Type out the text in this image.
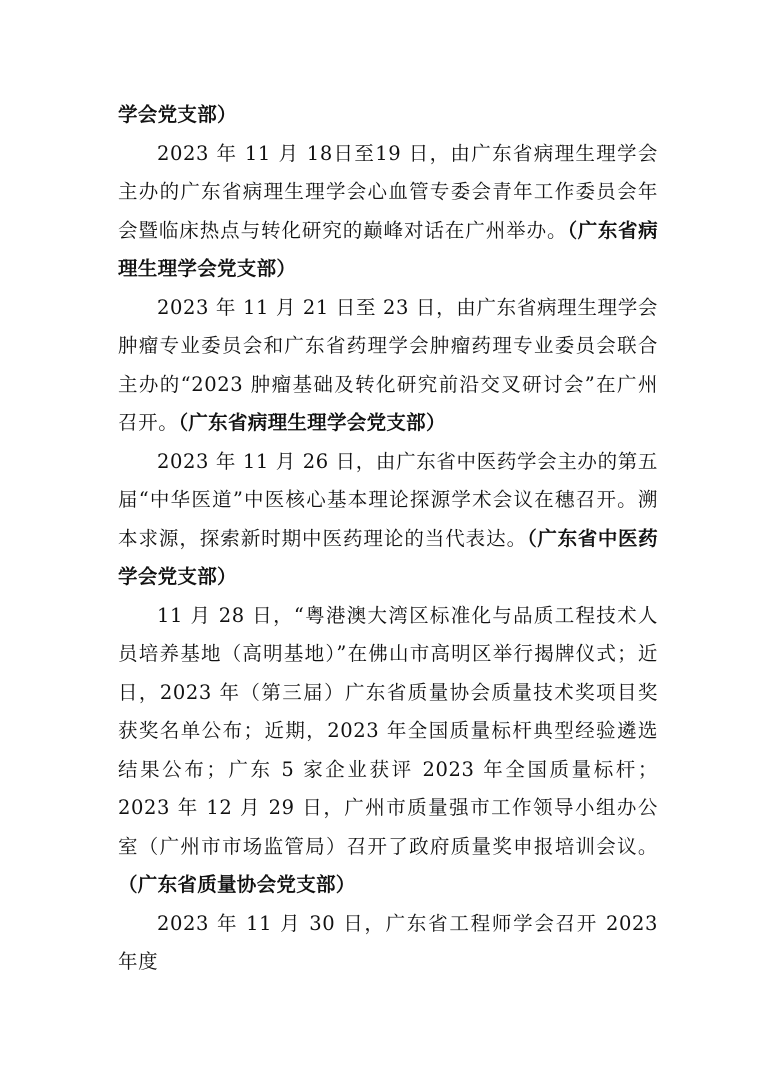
学会党支部）

2023 年 11 月 18日至19 日，由广东省病理生理学会主办的广东省病理生理学会心血管专委会青年工作委员会年会暨临床热点与转化研究的巅峰对话在广州举办。（广东省病理生理学会党支部）

2023 年 11 月 21 日至 23 日，由广东省病理生理学会肿瘤专业委员会和广东省药理学会肿瘤药理专业委员会联合主办的“2023 肿瘤基础及转化研究前沿交叉研讨会”在广州召开。（广东省病理生理学会党支部）

2023 年 11 月 26 日，由广东省中医药学会主办的第五届“中华医道”中医核心基本理论探源学术会议在穗召开。溯本求源，探索新时期中医药理论的当代表达。（广东省中医药学会党支部）

11 月 28 日，“粤港澳大湾区标准化与品质工程技术人员培养基地（高明基地）”在佛山市高明区举行揭牌仪式；近日，2023 年（第三届）广东省质量协会质量技术奖项目奖获奖名单公布；近期，2023 年全国质量标杆典型经验遴选结果公布；广东 5 家企业获评 2023 年全国质量标杆；2023 年 12 月 29 日，广州市质量强市工作领导小组办公室（广州市市场监管局）召开了政府质量奖申报培训会议。（广东省质量协会党支部）

2023 年 11 月 30 日，广东省工程师学会召开 2023 年度
